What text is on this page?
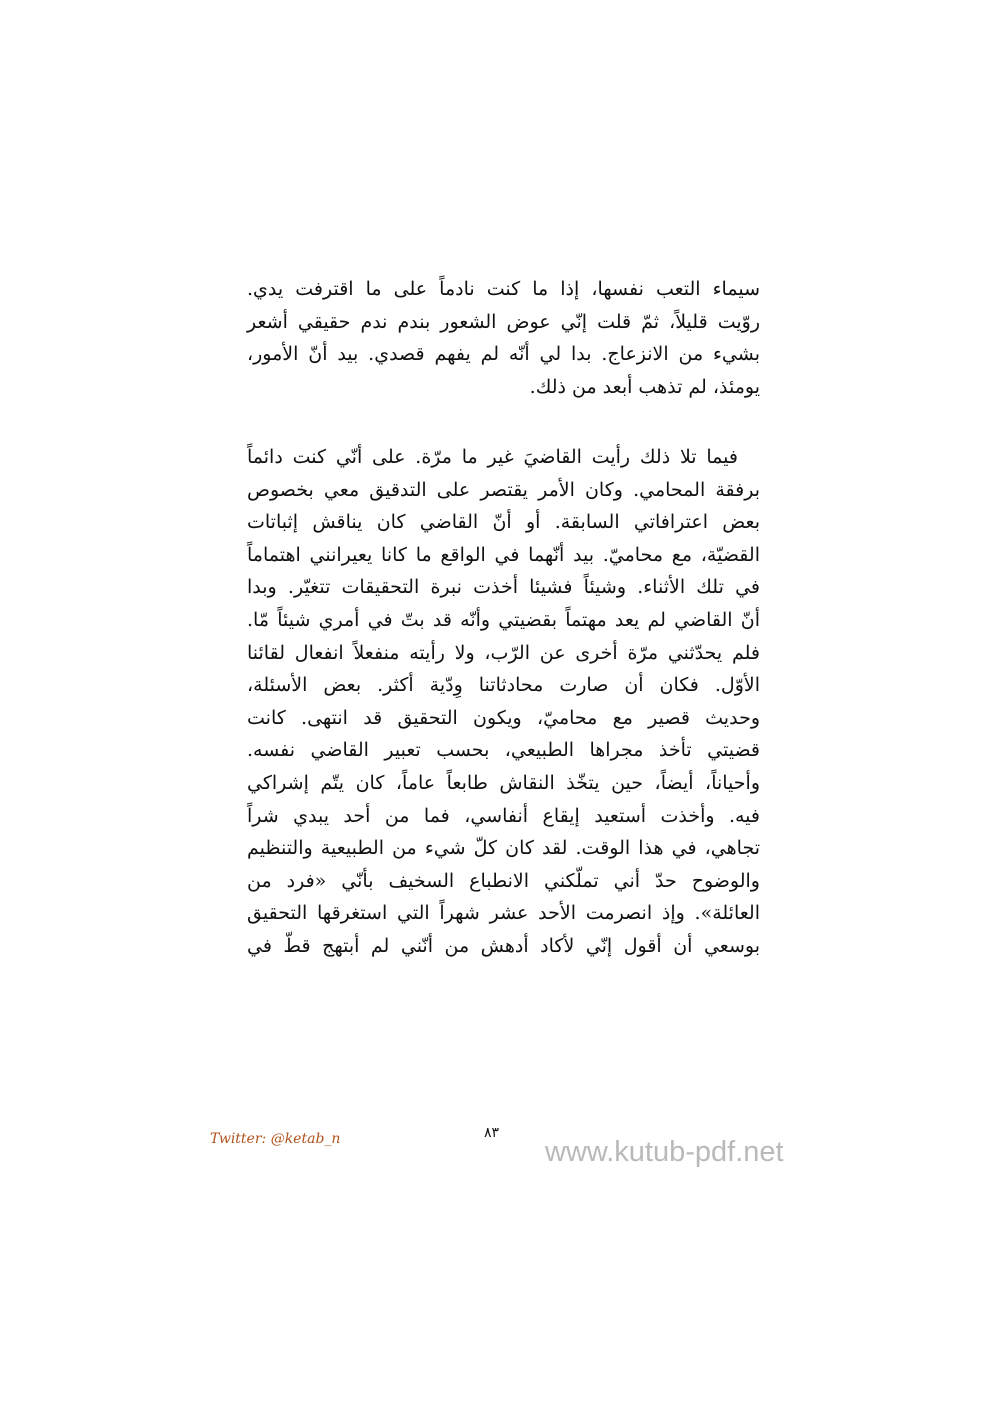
سيماء التعب نفسها، إذا ما كنت نادماً على ما اقترفت يدي.
روّيت قليلاً، ثمّ قلت إنّي عوض الشعور بندم ندم حقيقي أشعر
بشيء من الانزعاج. بدا لي أنّه لم يفهم قصدي. بيد أنّ الأمور،
يومئذ، لم تذهب أبعد من ذلك.
فيما تلا ذلك رأيت القاضيَ غير ما مرّة. على أنّي كنت دائماً
برفقة المحامي. وكان الأمر يقتصر على التدقيق معي بخصوص
بعض اعترافاتي السابقة. أو أنّ القاضي كان يناقش إثباتات
القضيّة، مع محاميّ. بيد أنّهما في الواقع ما كانا يعيرانني اهتماماً
في تلك الأثناء. وشيئاً فشيئا أخذت نبرة التحقيقات تتغيّر. وبدا
أنّ القاضي لم يعد مهتماً بقضيتي وأنّه قد بتّ في أمري شيئاً مّا.
فلم يحدّثني مرّة أخرى عن الرّب، ولا رأيته منفعلاً انفعال لقائنا
الأوّل. فكان أن صارت محادثاتنا وِدّية أكثر. بعض الأسئلة،
وحديث قصير مع محاميّ، ويكون التحقيق قد انتهى. كانت
قضيتي تأخذ مجراها الطبيعي، بحسب تعبير القاضي نفسه.
وأحياناً، أيضاً، حين يتخّذ النقاش طابعاً عاماً، كان يتّم إشراكي
فيه. وأخذت أستعيد إيقاع أنفاسي، فما من أحد يبدي شراً
تجاهي، في هذا الوقت. لقد كان كلّ شيء من الطبيعية والتنظيم
والوضوح حدّ أني تملّكني الانطباع السخيف بأنّي «فرد من
العائلة». وإذ انصرمت الأحد عشر شهراً التي استغرقها التحقيق
بوسعي أن أقول إنّي لأكاد أدهش من أنّني لم أبتهج قطّ في
Twitter: @ketab_n	٨٣
www.kutub-pdf.net
